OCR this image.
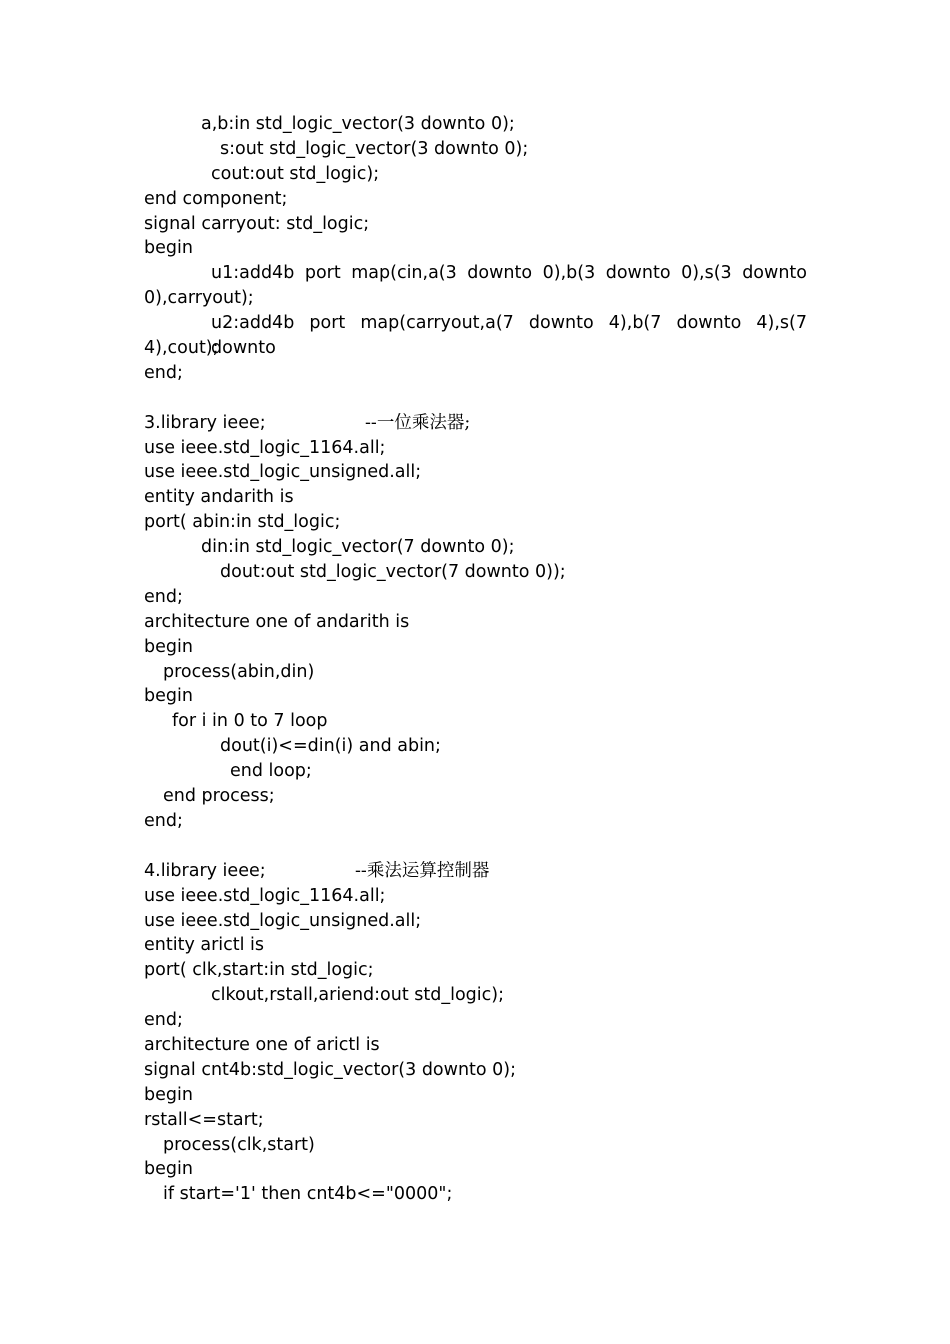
a,b:in std_logic_vector(3 downto 0);
s:out std_logic_vector(3 downto 0);
cout:out std_logic);
end component;
signal carryout: std_logic;
begin
u1:add4b port map(cin,a(3 downto 0),b(3 downto 0),s(3 downto
0),carryout);
u2:add4b port map(carryout,a(7 downto 4),b(7 downto 4),s(7 downto
4),cout);
end;
3.library ieee;	--一位乘法器;
use ieee.std_logic_1164.all;
use ieee.std_logic_unsigned.all;
entity andarith is
port( abin:in std_logic;
din:in std_logic_vector(7 downto 0);
dout:out std_logic_vector(7 downto 0));
end;
architecture one of andarith is
begin
process(abin,din)
begin
for i in 0 to 7 loop
dout(i)<=din(i) and abin;
end loop;
end process;
end;
4.library ieee;	--乘法运算控制器
use ieee.std_logic_1164.all;
use ieee.std_logic_unsigned.all;
entity arictl is
port( clk,start:in std_logic;
clkout,rstall,ariend:out std_logic);
end;
architecture one of arictl is
signal cnt4b:std_logic_vector(3 downto 0);
begin
rstall<=start;
process(clk,start)
begin
if start='1' then cnt4b<="0000";
